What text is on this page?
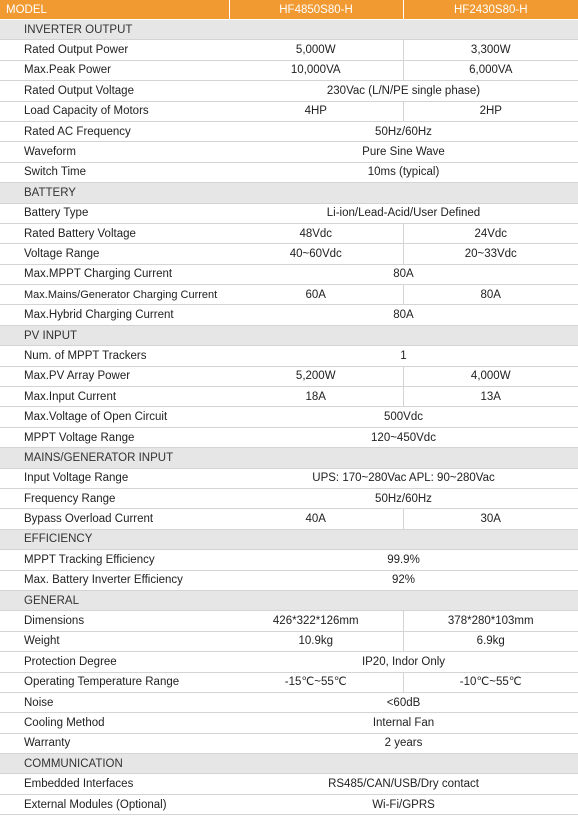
MODEL	HF4850S80-H	HF2430S80-H
INVERTER OUTPUT		
Rated Output Power	5,000W	3,300W
Max.Peak Power	10,000VA	6,000VA
Rated Output Voltage	230Vac (L/N/PE single phase)	
Load Capacity of Motors	4HP	2HP
Rated AC Frequency	50Hz/60Hz	
Waveform	Pure Sine Wave	
Switch Time	10ms (typical)	
BATTERY		
Battery Type	Li-ion/Lead-Acid/User Defined	
Rated Battery Voltage	48Vdc	24Vdc
Voltage Range	40~60Vdc	20~33Vdc
Max.MPPT Charging Current	80A	
Max.Mains/Generator Charging Current	60A	80A
Max.Hybrid Charging Current	80A	
PV INPUT		
Num. of MPPT Trackers	1	
Max.PV Array Power	5,200W	4,000W
Max.Input Current	18A	13A
Max.Voltage of Open Circuit	500Vdc	
MPPT Voltage Range	120~450Vdc	
MAINS/GENERATOR INPUT		
Input Voltage Range	UPS: 170~280Vac APL: 90~280Vac	
Frequency Range	50Hz/60Hz	
Bypass Overload Current	40A	30A
EFFICIENCY		
MPPT Tracking Efficiency	99.9%	
Max. Battery Inverter Efficiency	92%	
GENERAL		
Dimensions	426*322*126mm	378*280*103mm
Weight	10.9kg	6.9kg
Protection Degree	IP20, Indor Only	
Operating Temperature Range	-15℃~55℃	-10℃~55℃
Noise	<60dB	
Cooling Method	Internal Fan	
Warranty	2 years	
COMMUNICATION		
Embedded Interfaces	RS485/CAN/USB/Dry contact	
External Modules (Optional)	Wi-Fi/GPRS	
